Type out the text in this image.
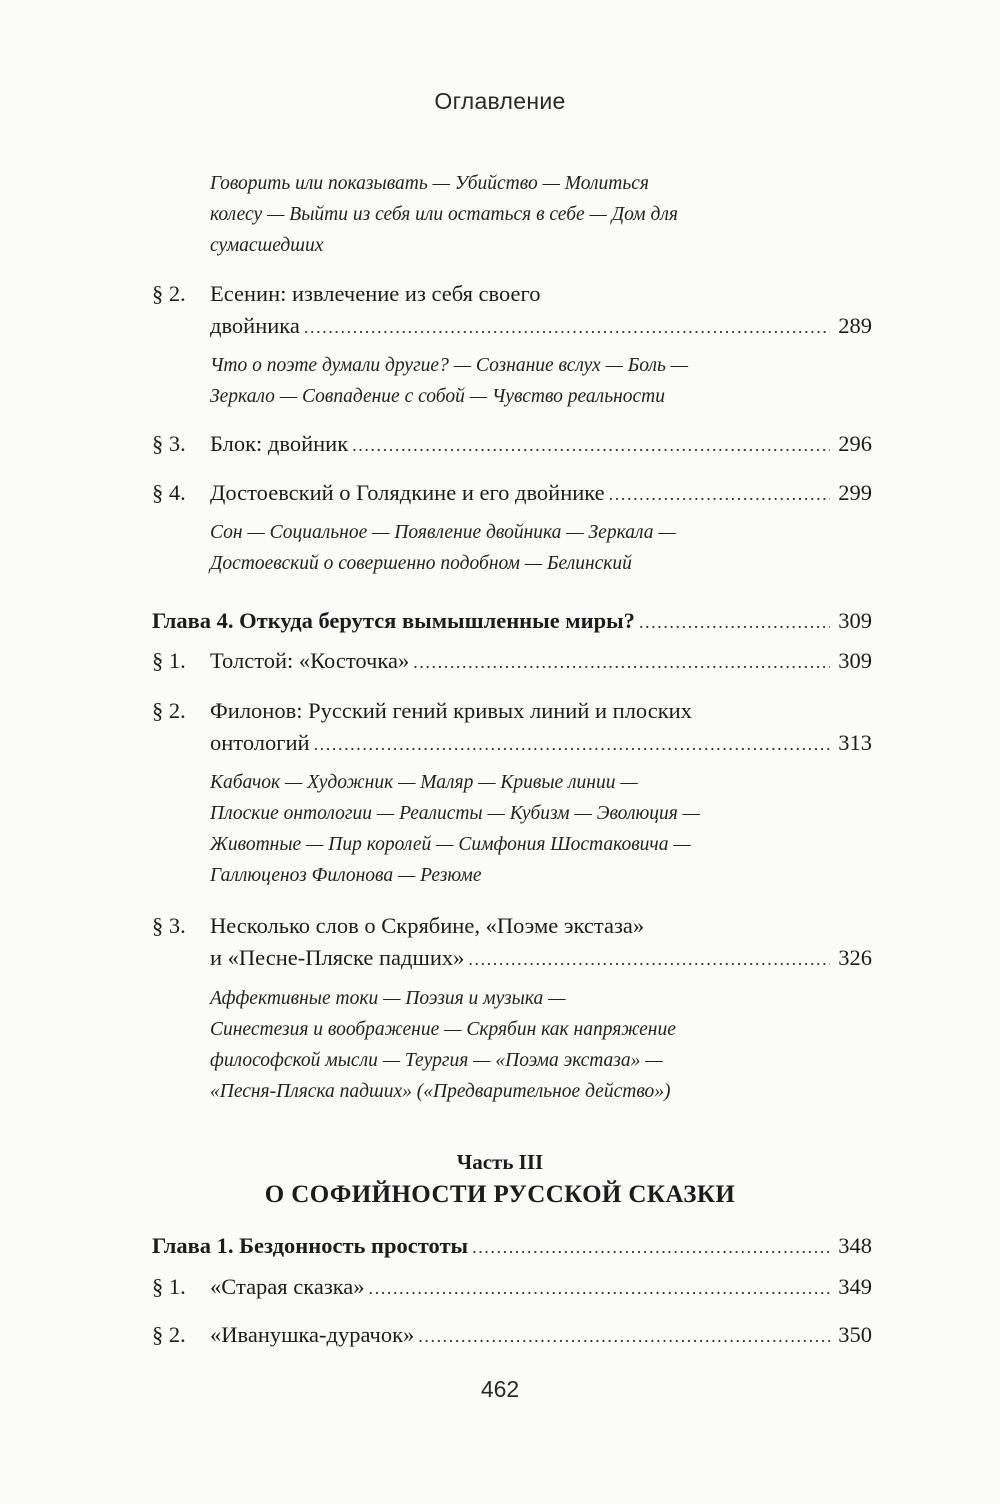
Оглавление
Говорить или показывать — Убийство — Молиться
колесу — Выйти из себя или остаться в себе — Дом для
сумасшедших
§ 2. Есенин: извлечение из себя своего
двойника .....	289
Что о поэте думали другие? — Сознание вслух — Боль —
Зеркало — Совпадение с собой — Чувство реальности
§ 3. Блок: двойник .....	296
§ 4. Достоевский о Голядкине и его двойнике .....	299
Сон — Социальное — Появление двойника — Зеркала —
Достоевский о совершенно подобном — Белинский
Глава 4. Откуда берутся вымышленные миры? .....	309
§ 1. Толстой: «Косточка» .....	309
§ 2. Филонов: Русский гений кривых линий и плоских
онтологий .....	313
Кабачок — Художник — Маляр — Кривые линии —
Плоские онтологии — Реалисты — Кубизм — Эволюция —
Животные — Пир королей — Симфония Шостаковича —
Галлюценоз Филонова — Резюме
§ 3. Несколько слов о Скрябине, «Поэме экстаза»
и «Песне-Пляске падших» .....	326
Аффективные токи — Поэзия и музыка —
Синестезия и воображение — Скрябин как напряжение
философской мысли — Теургия — «Поэма экстаза» —
«Песня-Пляска падших» («Предварительное действо»)
Часть III
О СОФИЙНОСТИ РУССКОЙ СКАЗКИ
Глава 1. Бездонность простоты .....	348
§ 1. «Старая сказка» .....	349
§ 2. «Иванушка-дурачок» .....	350
462
